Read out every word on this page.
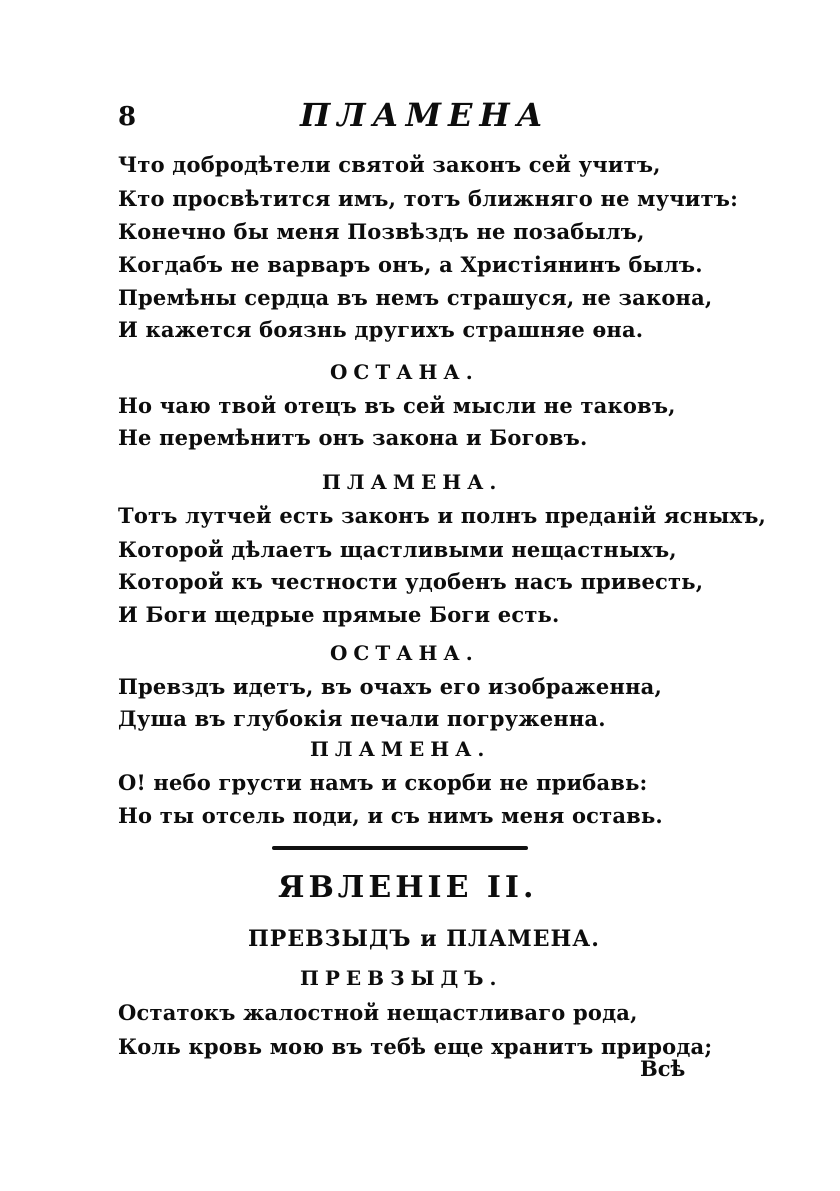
8	ПЛАМЕНА
Что добродѣтели святой законъ сей учитъ,
Кто просвѣтится имъ, тотъ ближняго не мучитъ:
Конечно бы меня Позвѣздъ не позабылъ,
Когдабъ не варваръ онъ, а Христiянинъ былъ.
Премѣны сердца въ немъ страшуся, не закона,
И кажется боязнь другихъ страшняе ѳна.
ОСТАНА.
Но чаю твой отецъ въ сей мысли не таковъ,
Не перемѣнитъ онъ закона и Боговъ.
ПЛАМЕНА.
Тотъ лутчей есть законъ и полнъ преданiй ясныхъ,
Которой дѣлаетъ щастливыми нещастныхъ,
Которой къ честности удобенъ насъ привесть,
И Боги щедрые прямые Боги есть.
ОСТАНА.
Превздъ идетъ, въ очахъ его изображенна,
Душа въ глубокiя печали погруженна.
ПЛАМЕНА.
О! небо грусти намъ и скорби не прибавь:
Но ты отсель поди, и съ нимъ меня оставь.
ЯВЛЕНIЕ II.
ПРЕВЗЫДЪ и ПЛАМЕНА.
ПРЕВЗЫДЪ.
Остатокъ жалостной нещастливаго рода,
Коль кровь мою въ тебѣ еще хранитъ природа;
Всѣ
